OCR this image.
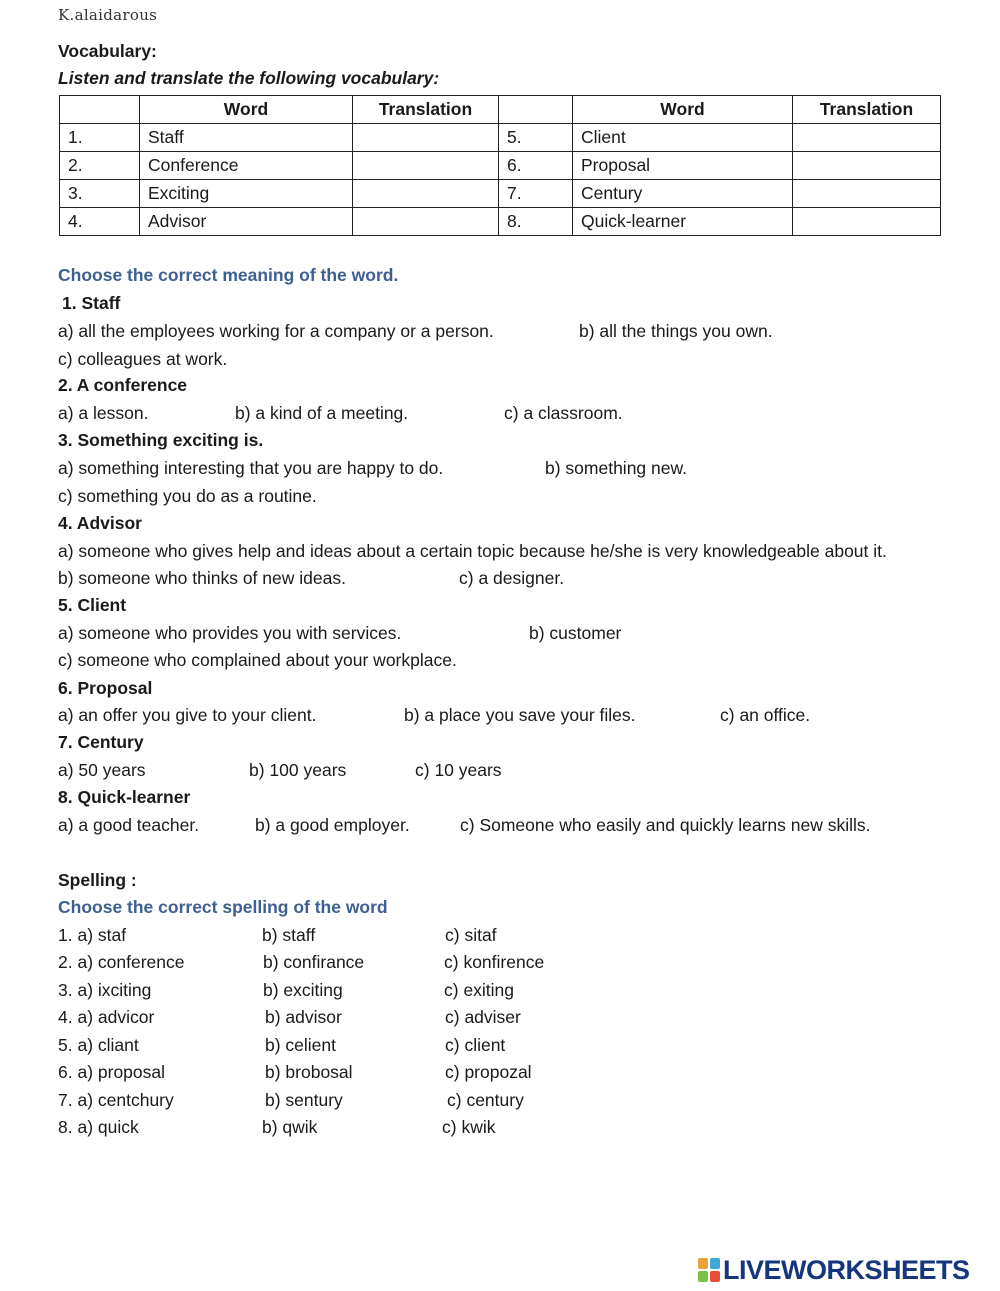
K.alaidarous
Vocabulary:
Listen and translate the following vocabulary:
	Word	Translation		Word	Translation
1.	Staff		5.	Client	

2.	Conference		6.	Proposal	

3.	Exciting		7.	Century	

4.	Advisor		8.	Quick-learner	
Choose the correct meaning of the word.
1. Staff
a) all the employees working for a company or a person.	b) all the things you own.
c) colleagues at work.
2. A conference
a) a lesson.	b) a kind of a meeting.	c) a classroom.
3. Something exciting is.
a) something interesting that you are happy to do.	b) something new.
c) something you do as a routine.
4. Advisor
a) someone who gives help and ideas about a certain topic because he/she is very knowledgeable about it.
b) someone who thinks of new ideas.	c) a designer.
5. Client
a) someone who provides you with services.	b) customer
c) someone who complained about your workplace.
6. Proposal
a) an offer you give to your client.	b) a place you save your files.	c) an office.
7. Century
a) 50 years	b) 100 years	c) 10 years
8. Quick-learner
a) a good teacher.	b) a good employer.	c) Someone who easily and quickly learns new skills.
Spelling :
Choose the correct spelling of the word
1. a) staf	b) staff	c) sitaf
2. a) conference	b) confirance	c) konfirence
3. a) ixciting	b) exciting	c) exiting
4. a) advicor	b) advisor	c) adviser
5. a) cliant	b) celient	c) client
6. a) proposal	b) brobosal	c) propozal
7. a) centchury	b) sentury	c) century
8. a) quick	b) qwik	c) kwik
LIVEWORKSHEETS
